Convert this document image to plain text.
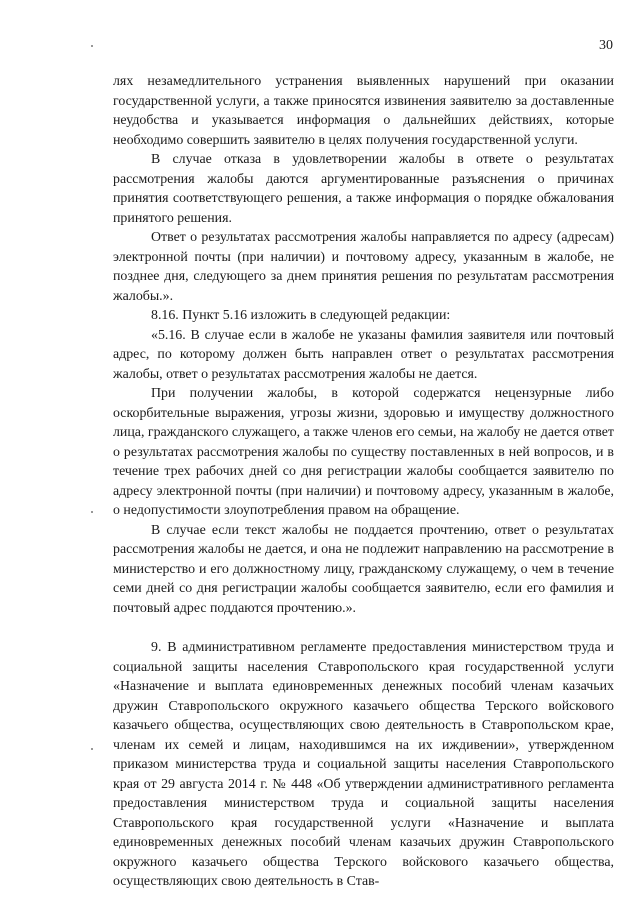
30

лях незамедлительного устранения выявленных нарушений при оказании государственной услуги, а также приносятся извинения заявителю за доставленные неудобства и указывается информация о дальнейших действиях, которые необходимо совершить заявителю в целях получения государственной услуги.

В случае отказа в удовлетворении жалобы в ответе о результатах рассмотрения жалобы даются аргументированные разъяснения о причинах принятия соответствующего решения, а также информация о порядке обжалования принятого решения.

Ответ о результатах рассмотрения жалобы направляется по адресу (адресам) электронной почты (при наличии) и почтовому адресу, указанным в жалобе, не позднее дня, следующего за днем принятия решения по результатам рассмотрения жалобы.».

8.16. Пункт 5.16 изложить в следующей редакции:

«5.16. В случае если в жалобе не указаны фамилия заявителя или почтовый адрес, по которому должен быть направлен ответ о результатах рассмотрения жалобы, ответ о результатах рассмотрения жалобы не дается.

При получении жалобы, в которой содержатся нецензурные либо оскорбительные выражения, угрозы жизни, здоровью и имуществу должностного лица, гражданского служащего, а также членов его семьи, на жалобу не дается ответ о результатах рассмотрения жалобы по существу поставленных в ней вопросов, и в течение трех рабочих дней со дня регистрации жалобы сообщается заявителю по адресу электронной почты (при наличии) и почтовому адресу, указанным в жалобе, о недопустимости злоупотребления правом на обращение.

В случае если текст жалобы не поддается прочтению, ответ о результатах рассмотрения жалобы не дается, и она не подлежит направлению на рассмотрение в министерство и его должностному лицу, гражданскому служащему, о чем в течение семи дней со дня регистрации жалобы сообщается заявителю, если его фамилия и почтовый адрес поддаются прочтению.».

9. В административном регламенте предоставления министерством труда и социальной защиты населения Ставропольского края государственной услуги «Назначение и выплата единовременных денежных пособий членам казачьих дружин Ставропольского окружного казачьего общества Терского войскового казачьего общества, осуществляющих свою деятельность в Ставропольском крае, членам их семей и лицам, находившимся на их иждивении», утвержденном приказом министерства труда и социальной защиты населения Ставропольского края от 29 августа 2014 г. № 448 «Об утверждении административного регламента предоставления министерством труда и социальной защиты населения Ставропольского края государственной услуги «Назначение и выплата единовременных денежных пособий членам казачьих дружин Ставропольского окружного казачьего общества Терского войскового казачьего общества, осуществляющих свою деятельность в Став-
